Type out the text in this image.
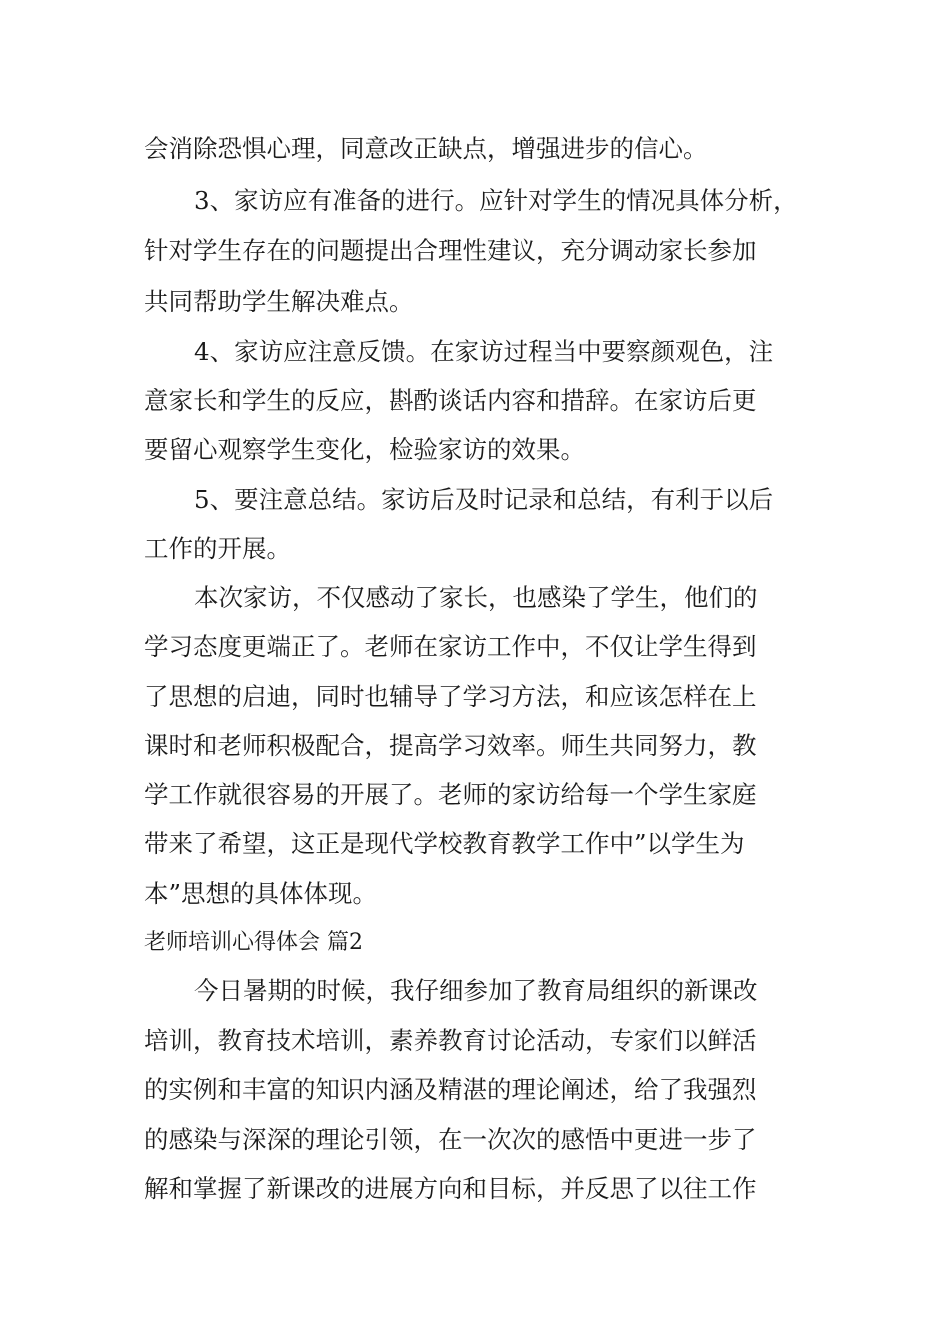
会消除恐惧心理，同意改正缺点，增强进步的信心。
3、家访应有准备的进行。应针对学生的情况具体分析，
针对学生存在的问题提出合理性建议，充分调动家长参加
共同帮助学生解决难点。
4、家访应注意反馈。在家访过程当中要察颜观色，注
意家长和学生的反应，斟酌谈话内容和措辞。在家访后更
要留心观察学生变化，检验家访的效果。
5、要注意总结。家访后及时记录和总结，有利于以后
工作的开展。
本次家访，不仅感动了家长，也感染了学生，他们的
学习态度更端正了。老师在家访工作中，不仅让学生得到
了思想的启迪，同时也辅导了学习方法，和应该怎样在上
课时和老师积极配合，提高学习效率。师生共同努力，教
学工作就很容易的开展了。老师的家访给每一个学生家庭
带来了希望，这正是现代学校教育教学工作中”以学生为
本”思想的具体体现。
老师培训心得体会 篇2
今日暑期的时候，我仔细参加了教育局组织的新课改
培训，教育技术培训，素养教育讨论活动，专家们以鲜活
的实例和丰富的知识内涵及精湛的理论阐述，给了我强烈
的感染与深深的理论引领，在一次次的感悟中更进一步了
解和掌握了新课改的进展方向和目标，并反思了以往工作
